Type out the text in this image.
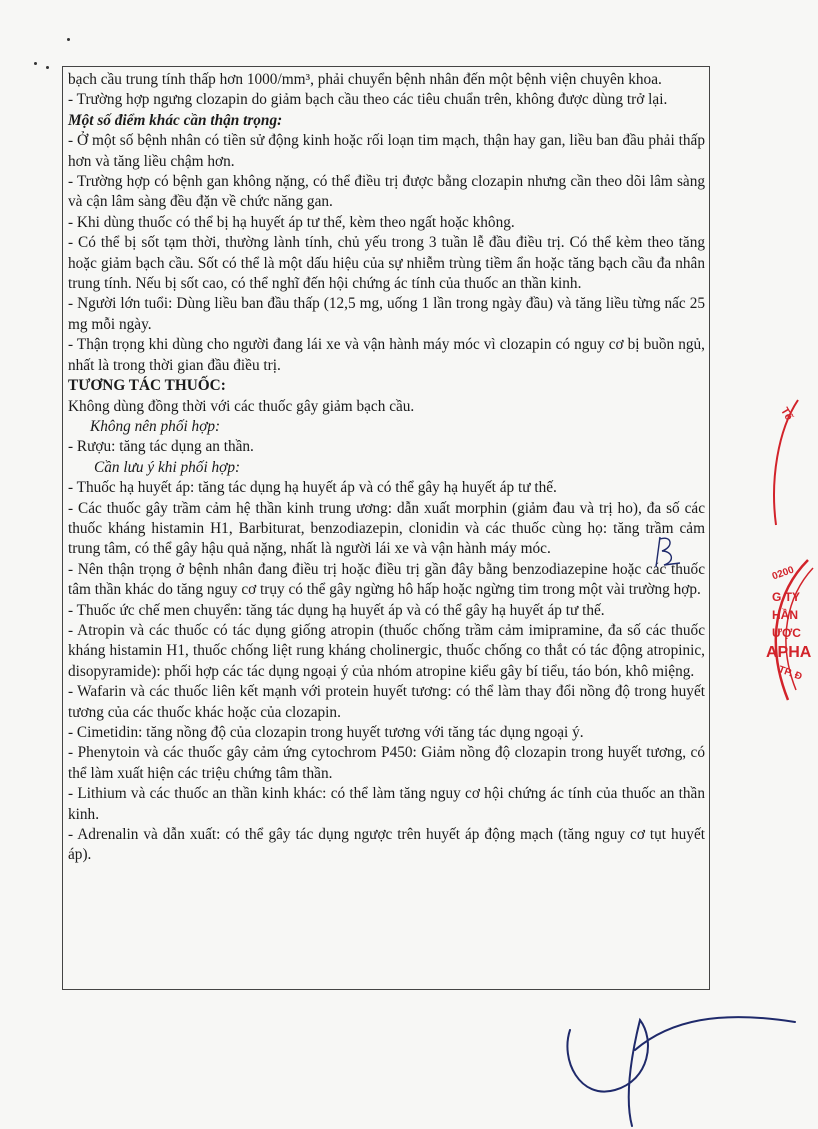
bạch cầu trung tính thấp hơn 1000/mm³, phải chuyển bệnh nhân đến một bệnh viện chuyên khoa.

- Trường hợp ngưng clozapin do giảm bạch cầu theo các tiêu chuẩn trên, không được dùng trở lại.

Một số điểm khác cần thận trọng:

- Ở một số bệnh nhân có tiền sử động kinh hoặc rối loạn tim mạch, thận hay gan, liều ban đầu phải thấp hơn và tăng liều chậm hơn.

- Trường hợp có bệnh gan không nặng, có thể điều trị được bằng clozapin nhưng cần theo dõi lâm sàng và cận lâm sàng đều đặn về chức năng gan.

- Khi dùng thuốc có thể bị hạ huyết áp tư thế, kèm theo ngất hoặc không.

- Có thể bị sốt tạm thời, thường lành tính, chủ yếu trong 3 tuần lễ đầu điều trị. Có thể kèm theo tăng hoặc giảm bạch cầu. Sốt có thể là một dấu hiệu của sự nhiễm trùng tiềm ẩn hoặc tăng bạch cầu đa nhân trung tính. Nếu bị sốt cao, có thể nghĩ đến hội chứng ác tính của thuốc an thần kinh.

- Người lớn tuổi: Dùng liều ban đầu thấp (12,5 mg, uống 1 lần trong ngày đầu) và tăng liều từng nấc 25 mg mỗi ngày.

- Thận trọng khi dùng cho người đang lái xe và vận hành máy móc vì clozapin có nguy cơ bị buồn ngủ, nhất là trong thời gian đầu điều trị.

TƯƠNG TÁC THUỐC:

Không dùng đồng thời với các thuốc gây giảm bạch cầu.

Không nên phối hợp:

- Rượu: tăng tác dụng an thần.

Cần lưu ý khi phối hợp:

- Thuốc hạ huyết áp: tăng tác dụng hạ huyết áp và có thể gây hạ huyết áp tư thế.

- Các thuốc gây trầm cảm hệ thần kinh trung ương: dẫn xuất morphin (giảm đau và trị ho), đa số các thuốc kháng histamin H1, Barbiturat, benzodiazepin, clonidin và các thuốc cùng họ: tăng trầm cảm trung tâm, có thể gây hậu quả nặng, nhất là người lái xe và vận hành máy móc.

- Nên thận trọng ở bệnh nhân đang điều trị hoặc điều trị gần đây bằng benzodiazepine hoặc các thuốc tâm thần khác do tăng nguy cơ trụy có thể gây ngừng hô hấp hoặc ngừng tim trong một vài trường hợp.

- Thuốc ức chế men chuyển: tăng tác dụng hạ huyết áp và có thể gây hạ huyết áp tư thế.

- Atropin và các thuốc có tác dụng giống atropin (thuốc chống trầm cảm imipramine, đa số các thuốc kháng histamin H1, thuốc chống liệt rung kháng cholinergic, thuốc chống co thắt có tác động atropinic, disopyramide): phối hợp các tác dụng ngoại ý của nhóm atropine kiểu gây bí tiểu, táo bón, khô miệng.

- Wafarin và các thuốc liên kết mạnh với protein huyết tương: có thể làm thay đổi nồng độ trong huyết tương của các thuốc khác hoặc của clozapin.

- Cimetidin: tăng nồng độ của clozapin trong huyết tương với tăng tác dụng ngoại ý.

- Phenytoin và các thuốc gây cảm ứng cytochrom P450: Giảm nồng độ clozapin trong huyết tương, có thể làm xuất hiện các triệu chứng tâm thần.

- Lithium và các thuốc an thần kinh khác: có thể làm tăng nguy cơ hội chứng ác tính của thuốc an thần kinh.

- Adrenalin và dẫn xuất: có thể gây tác dụng ngược trên huyết áp động mạch (tăng nguy cơ tụt huyết áp).

Tế
0200
G TY
HẦN
ƯỢC
APHA
TP. Đ
